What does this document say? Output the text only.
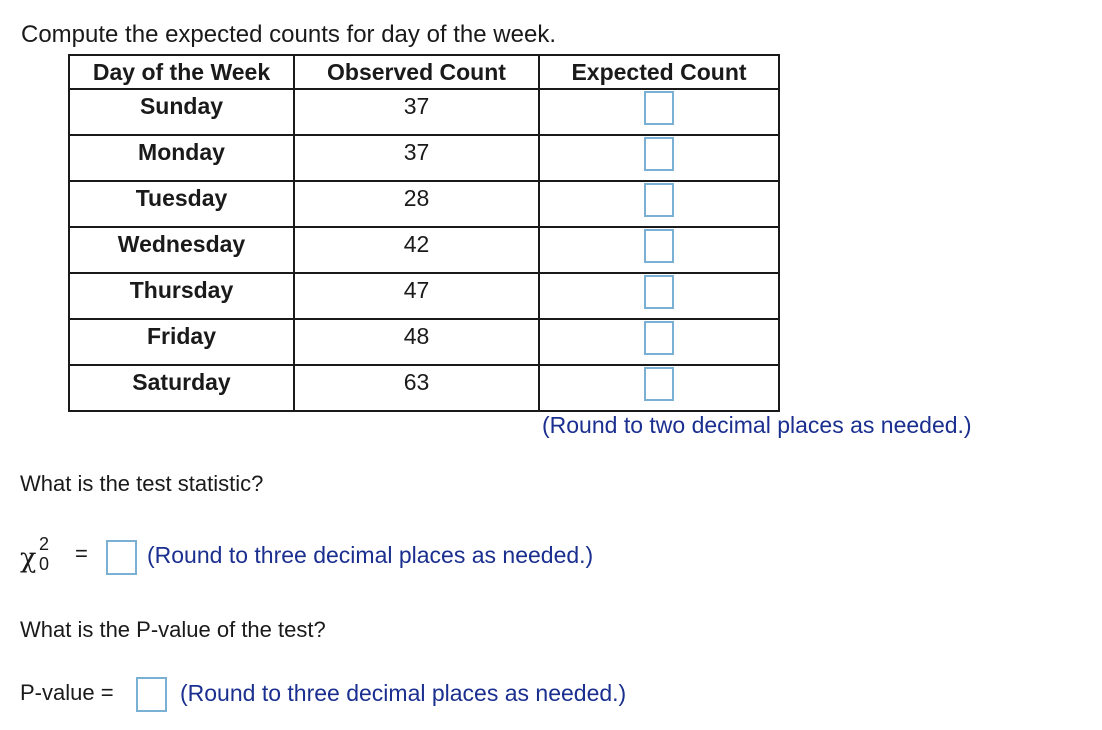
Compute the expected counts for day of the week.
Day of the Week	Observed Count	Expected Count

Sunday	37	

Monday	37	

Tuesday	28	

Wednesday	42	

Thursday	47	

Friday	48	

Saturday	63	

(Round to two decimal places as needed.)
What is the test statistic?
χ 2
0 =	(Round to three decimal places as needed.)
What is the P-value of the test?
P-value =	(Round to three decimal places as needed.)
